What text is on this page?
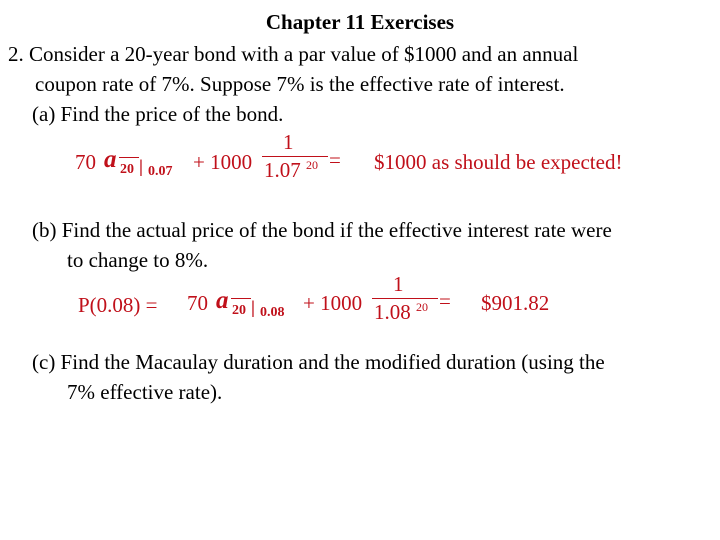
Chapter 11 Exercises
2. Consider a 20-year bond with a par value of $1000 and an annual
coupon rate of 7%. Suppose 7% is the effective rate of interest.
(a) Find the price of the bond.
70 a 20 | 0.07 + 1000
1
1.07 20 = $1000 as should be expected!
(b) Find the actual price of the bond if the effective interest rate were
to change to 8%.
P(0.08) = 70 a 20 | 0.08 + 1000
1
1.08 20 = $901.82
(c) Find the Macaulay duration and the modified duration (using the
7% effective rate).
